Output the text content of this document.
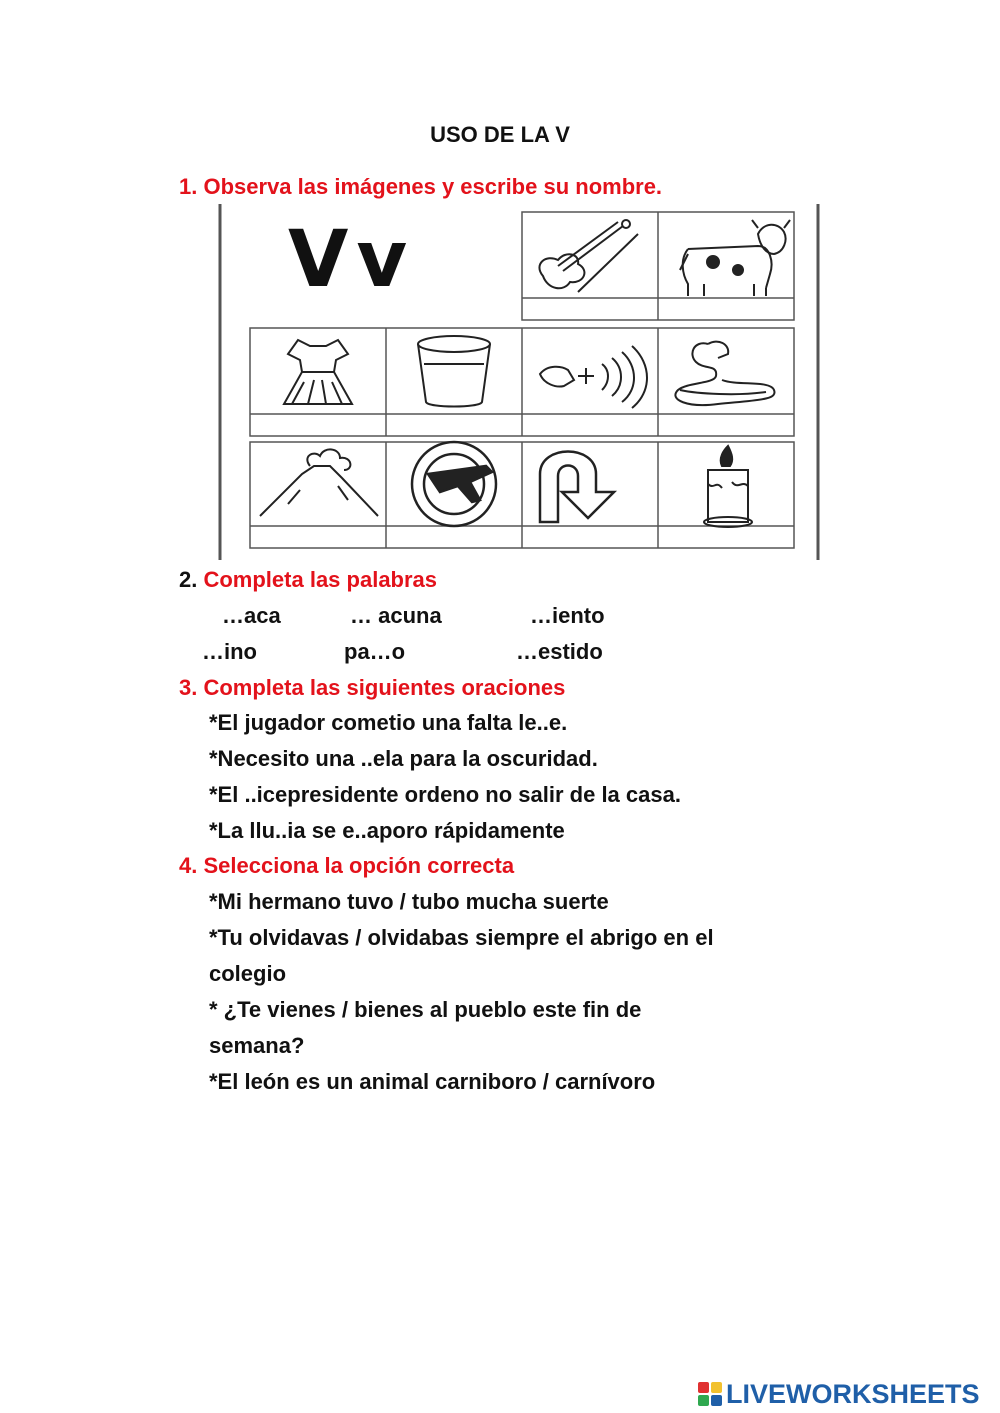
USO DE LA V
1. Observa las imágenes y escribe su nombre.
Vv
2. Completa las palabras
…aca	… acuna	…iento
…ino	pa…o	…estido
3. Completa las siguientes oraciones
*El jugador cometio una falta le..e.
*Necesito una ..ela para la oscuridad.
*El ..icepresidente ordeno no salir de la casa.
*La llu..ia se e..aporo rápidamente
4. Selecciona la opción correcta
*Mi hermano tuvo / tubo mucha suerte
*Tu olvidavas / olvidabas siempre el abrigo en el
colegio
* ¿Te vienes / bienes al pueblo este fin de
semana?
*El león es un animal carniboro / carnívoro
LIVEWORKSHEETS
